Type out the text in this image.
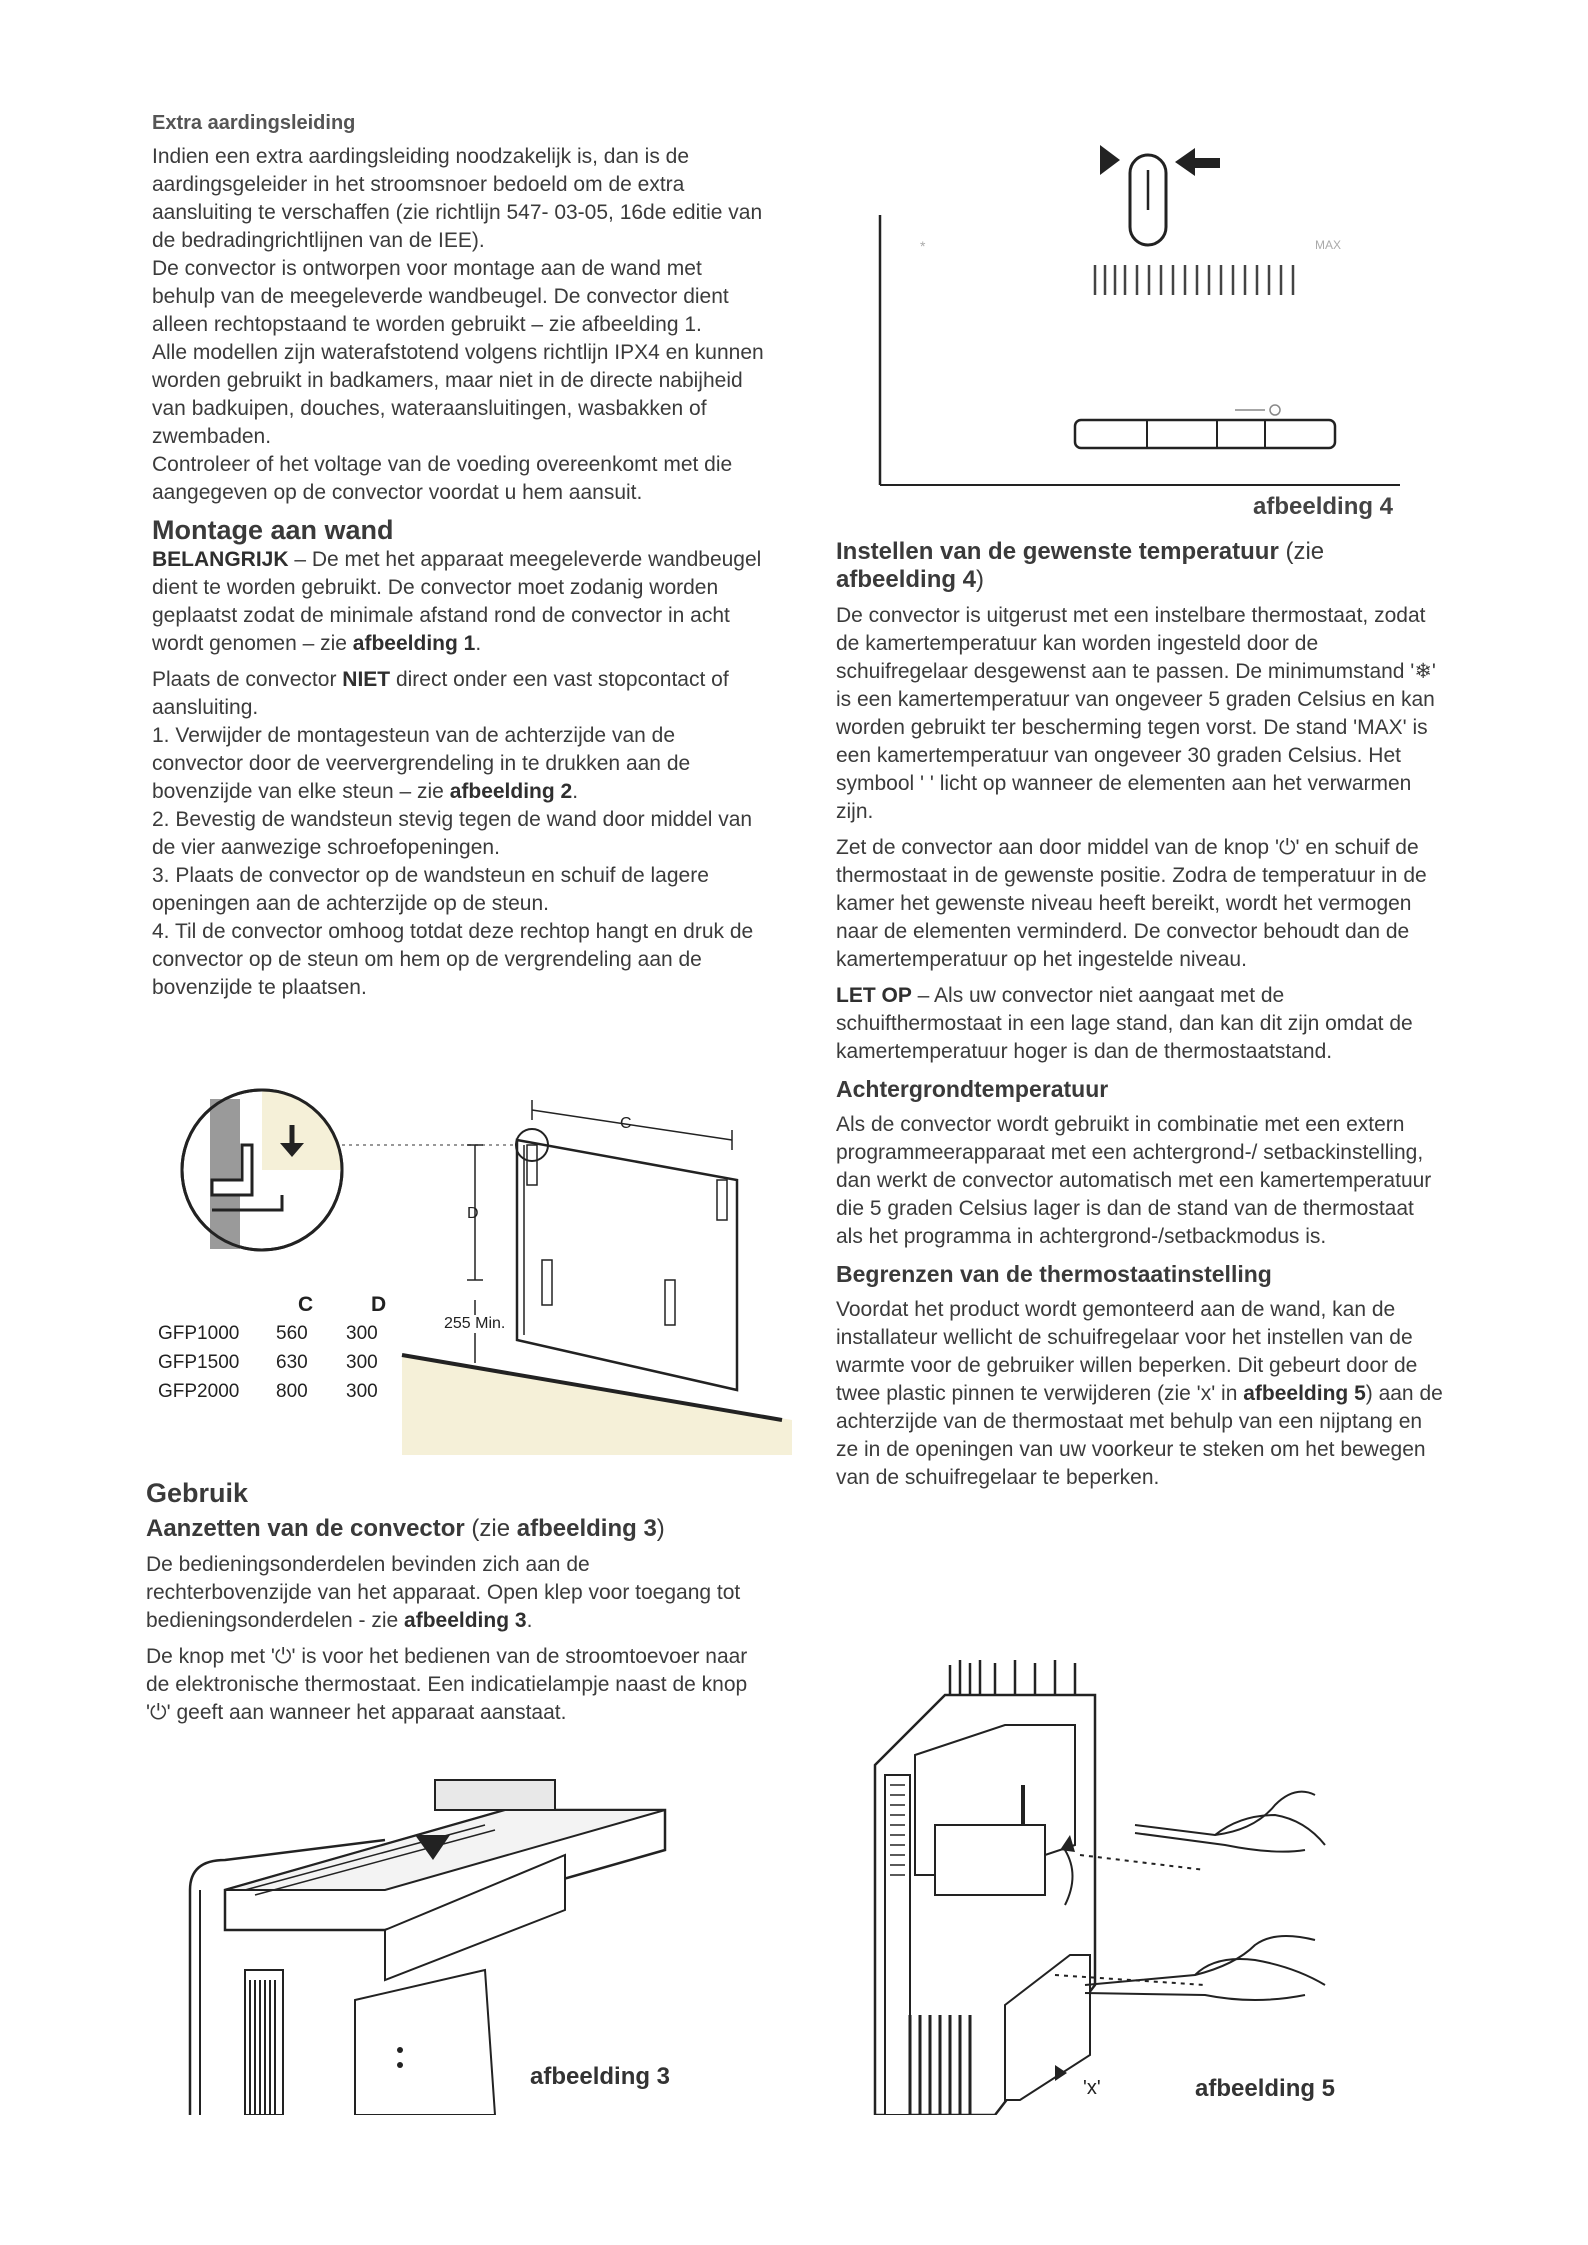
Extra aardingsleiding

Indien een extra aardingsleiding noodzakelijk is, dan is de aardingsgeleider in het stroomsnoer bedoeld om de extra aansluiting te verschaffen (zie richtlijn 547- 03-05, 16de editie van de bedradingrichtlijnen van de IEE).

De convector is ontworpen voor montage aan de wand met behulp van de meegeleverde wandbeugel. De convector dient alleen rechtopstaand te worden gebruikt – zie afbeelding 1.

Alle modellen zijn waterafstotend volgens richtlijn IPX4 en kunnen worden gebruikt in badkamers, maar niet in de directe nabijheid van badkuipen, douches, wateraansluitingen, wasbakken of zwembaden.

Controleer of het voltage van de voeding overeenkomt met die aangegeven op de convector voordat u hem aansuit.

Montage aan wand

BELANGRIJK – De met het apparaat meegeleverde wandbeugel dient te worden gebruikt. De convector moet zodanig worden geplaatst zodat de minimale afstand rond de convector in acht wordt genomen – zie afbeelding 1.

Plaats de convector NIET direct onder een vast stopcontact of aansluiting.

1. Verwijder de montagesteun van de achterzijde van de convector door de veervergrendeling in te drukken aan de bovenzijde van elke steun – zie afbeelding 2.

2. Bevestig de wandsteun stevig tegen de wand door middel van de vier aanwezige schroefopeningen.

3. Plaats de convector op de wandsteun en schuif de lagere openingen aan de achterzijde op de steun.

4. Til de convector omhoog totdat deze rechtop hangt en druk de convector op de steun om hem op de vergrendeling aan de bovenzijde te plaatsen.

C
D
255 Min.
C	D
GFP1000	560	300
GFP1500	630	300
GFP2000	800	300
Gebruik
Aanzetten van de convector (zie afbeelding 3)

De bedieningsonderdelen bevinden zich aan de rechterbovenzijde van het apparaat. Open klep voor toegang tot bedieningsonderdelen - zie afbeelding 3.

De knop met '⏻' is voor het bedienen van de stroomtoevoer naar de elektronische thermostaat. Een indicatielampje naast de knop '⏻' geeft aan wanneer het apparaat aanstaat.

afbeelding 3
*	MAX
afbeelding 4
Instellen van de gewenste temperatuur (zie afbeelding 4)

De convector is uitgerust met een instelbare thermostaat, zodat de kamertemperatuur kan worden ingesteld door de schuifregelaar desgewenst aan te passen. De minimumstand '❄' is een kamertemperatuur van ongeveer 5 graden Celsius en kan worden gebruikt ter bescherming tegen vorst. De stand 'MAX' is een kamertemperatuur van ongeveer 30 graden Celsius. Het symbool ' ' licht op wanneer de elementen aan het verwarmen zijn.

Zet de convector aan door middel van de knop '⏻' en schuif de thermostaat in de gewenste positie. Zodra de temperatuur in de kamer het gewenste niveau heeft bereikt, wordt het vermogen naar de elementen verminderd. De convector behoudt dan de kamertemperatuur op het ingestelde niveau.

LET OP – Als uw convector niet aangaat met de schuifthermostaat in een lage stand, dan kan dit zijn omdat de kamertemperatuur hoger is dan de thermostaatstand.

Achtergrondtemperatuur

Als de convector wordt gebruikt in combinatie met een extern programmeerapparaat met een achtergrond-/ setbackinstelling, dan werkt de convector automatisch met een kamertemperatuur die 5 graden Celsius lager is dan de stand van de thermostaat als het programma in achtergrond-/setbackmodus is.

Begrenzen van de thermostaatinstelling

Voordat het product wordt gemonteerd aan de wand, kan de installateur wellicht de schuifregelaar voor het instellen van de warmte voor de gebruiker willen beperken. Dit gebeurt door de twee plastic pinnen te verwijderen (zie 'x' in afbeelding 5) aan de achterzijde van de thermostaat met behulp van een nijptang en ze in de openingen van uw voorkeur te steken om het bewegen van de schuifregelaar te beperken.

'x'	afbeelding 5
